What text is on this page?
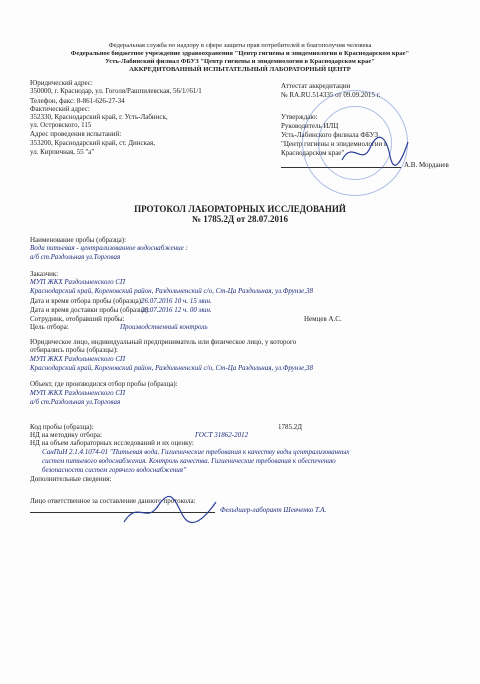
Федеральная служба по надзору в сфере защиты прав потребителей и благополучия человека
Федеральное бюджетное учреждение здравоохранения "Центр гигиены и эпидемиологии в Краснодарском крае"
Усть-Лабинский филиал ФБУЗ "Центр гигиены и эпидемиологии в Краснодарском крае"
АККРЕДИТОВАННЫЙ ИСПЫТАТЕЛЬНЫЙ ЛАБОРАТОРНЫЙ ЦЕНТР
Юридический адрес:
350000, г. Краснодар, ул. Гоголя/Рашпилевская, 56/1//61/1
Телефон, факс: 8-861-626-27-34
Фактический адрес:
352330, Краснодарский край, г. Усть-Лабинск,
ул. Островского, 115
Адрес проведения испытаний:
353200, Краснодарский край, ст. Динская,
ул. Кирпичная, 55 "а"
Аттестат аккредитации
№ RA.RU.514335 от 09.09.2015 г.
Утверждаю:
Руководитель ИЛЦ
Усть-Лабинского филиала ФБУЗ
"Центр гигиены и эпидемиологии в
Краснодарском крае"
А.В. Морданев
ПРОТОКОЛ ЛАБОРАТОРНЫХ ИССЛЕДОВАНИЙ
№ 1785.2Д от 28.07.2016
Наименование пробы (образца):
Вода питьевая - централизованное водоснабжение :
а/б ст.Раздольная ул.Торговая
Заказчик:
МУП ЖКХ Раздольненского СП
Краснодарский край, Кореновский район, Раздольненский с/о, Ст-Ца Раздольная, ул.Фрунзе,38
Дата и время отбора пробы (образца):
26.07.2016 10 ч. 15 мин.
Дата и время доставки пробы (образца):
26.07.2016 12 ч. 00 мин.
Сотрудник, отобравший пробы:	Немцев А.С.
Цель отбора:	Производственный контроль
Юридическое лицо, индивидуальный предприниматель или физическое лицо, у которого
отбирались пробы (образцы):
МУП ЖКХ Раздольненского СП
Краснодарский край, Кореновский район, Раздольненский с/о, Ст-Ца Раздольная, ул.Фрунзе,38
Объект, где производился отбор пробы (образца):
МУП ЖКХ Раздольненского СП
а/б ст.Раздольная ул.Торговая
Код пробы (образца):	1785.2Д
НД на методику отбора:	ГОСТ 31862-2012
НД на объем лабораторных исследований и их оценку:
СанПиН 2.1.4.1074-01 "Питьевая вода. Гигиенические требования к качеству воды централизованных
систем питьевого водоснабжения. Контроль качества. Гигиенические требования к обеспечению
безопасности систем горячего водоснабжения"
Дополнительные сведения:
Лицо ответственное за составление данного протокола:
Фельдшер-лаборант Шевченко Т.А.
